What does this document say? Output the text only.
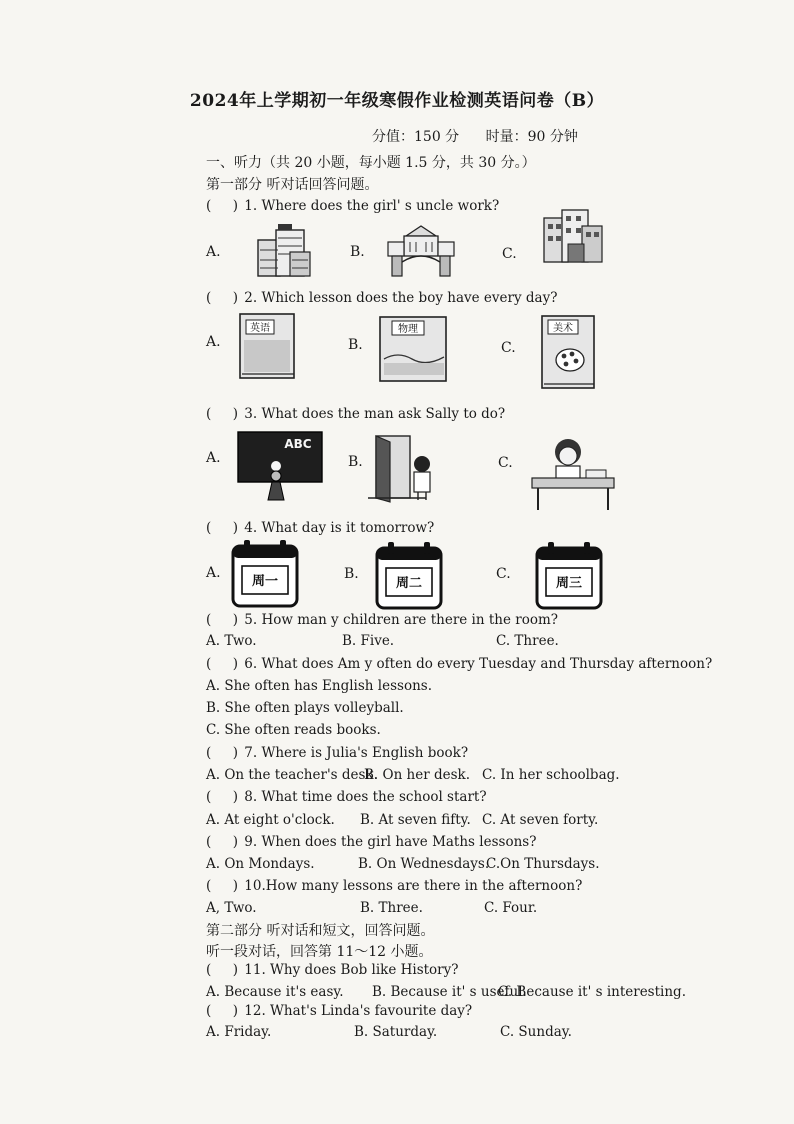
2024年上学期初一年级寒假作业检测英语问卷（B）
分值：150 分 时量：90 分钟
一、听力（共 20 小题，每小题 1.5 分，共 30 分。）
第一部分 听对话回答问题。
( ) 1. Where does the girl' s uncle work?
A.	B.	C.
( ) 2. Which lesson does the boy have every day?
A.
英语
B.
物理
C.
美术
( ) 3. What does the man ask Sally to do?
A.
ABC
B.	C.
( ) 4. What day is it tomorrow?
A.
周一	B.
周二
C.
周三
( ) 5. How man y children are there in the room?
A. Two.	B. Five.	C. Three.
( ) 6. What does Am y often do every Tuesday and Thursday afternoon?
A. She often has English lessons.
B. She often plays volleyball.
C. She often reads books.
( ) 7. Where is Julia's English book?
A. On the teacher's desk.
B. On her desk. C. In her schoolbag.
( ) 8. What time does the school start?
A. At eight o'clock. B. At seven fifty. C. At seven forty.
( ) 9. When does the girl have Maths lessons?
A. On Mondays.	B. On Wednesdays.
C.On Thursdays.
( ) 10.How many lessons are there in the afternoon?
A, Two.	B. Three.	C. Four.
第二部分 听对话和短文，回答问题。
听一段对话，回答第 11～12 小题。
( ) 11. Why does Bob like History?
A. Because it's easy. B. Because it' s useful.
C. Because it' s interesting.
( ) 12. What's Linda's favourite day?
A. Friday.	B. Saturday.	C. Sunday.
